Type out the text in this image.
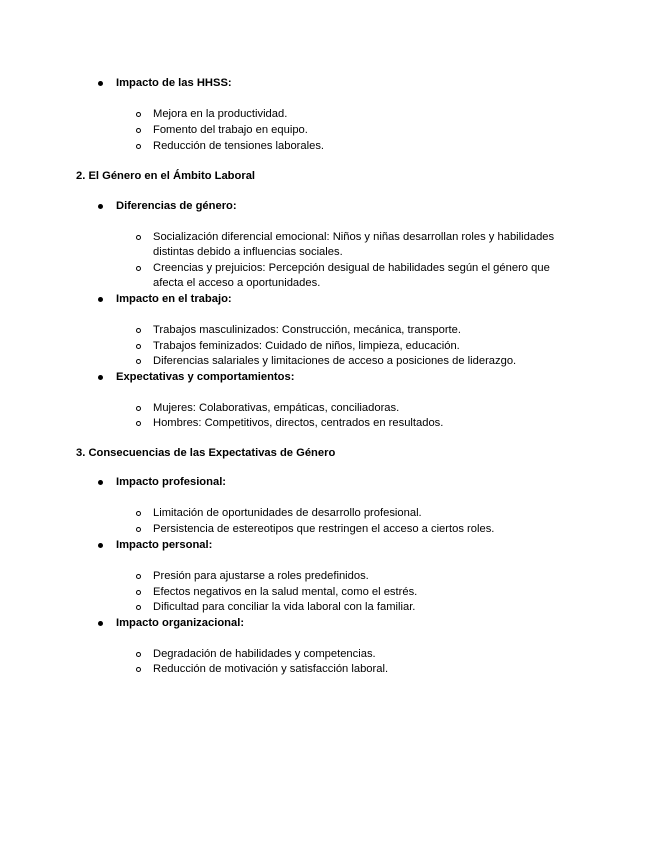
Impacto de las HHSS:
Mejora en la productividad.
Fomento del trabajo en equipo.
Reducción de tensiones laborales.
2. El Género en el Ámbito Laboral
Diferencias de género:
Socialización diferencial emocional: Niños y niñas desarrollan roles y habilidades
distintas debido a influencias sociales.
Creencias y prejuicios: Percepción desigual de habilidades según el género que
afecta el acceso a oportunidades.
Impacto en el trabajo:
Trabajos masculinizados: Construcción, mecánica, transporte.
Trabajos feminizados: Cuidado de niños, limpieza, educación.
Diferencias salariales y limitaciones de acceso a posiciones de liderazgo.
Expectativas y comportamientos:
Mujeres: Colaborativas, empáticas, conciliadoras.
Hombres: Competitivos, directos, centrados en resultados.
3. Consecuencias de las Expectativas de Género
Impacto profesional:
Limitación de oportunidades de desarrollo profesional.
Persistencia de estereotipos que restringen el acceso a ciertos roles.
Impacto personal:
Presión para ajustarse a roles predefinidos.
Efectos negativos en la salud mental, como el estrés.
Dificultad para conciliar la vida laboral con la familiar.
Impacto organizacional:
Degradación de habilidades y competencias.
Reducción de motivación y satisfacción laboral.
